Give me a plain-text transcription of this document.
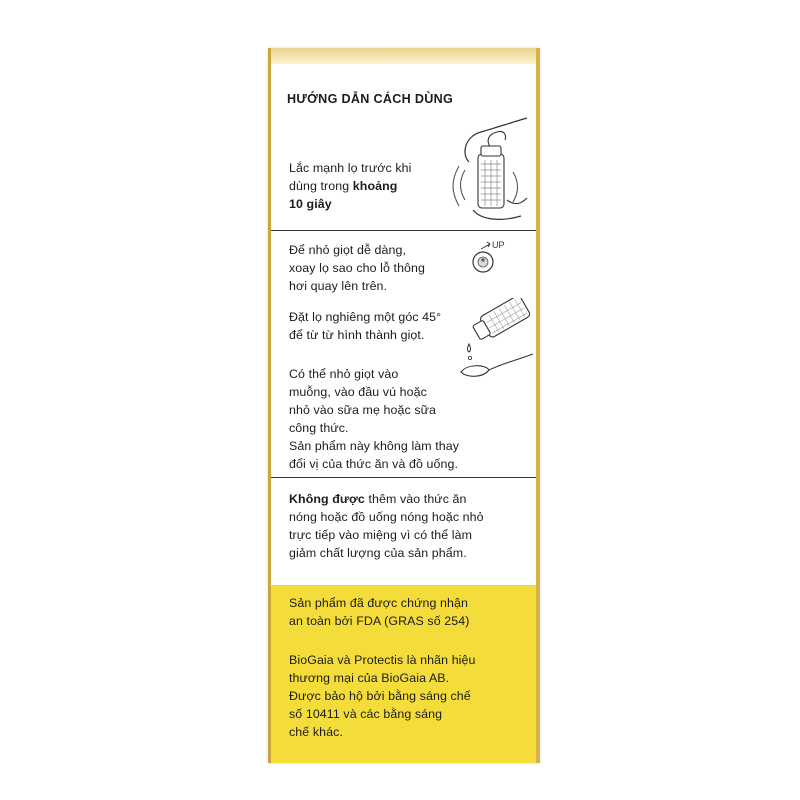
HƯỚNG DẪN CÁCH DÙNG
Lắc mạnh lọ trước khi
dùng trong khoảng
10 giây
Để nhỏ giọt dễ dàng,
xoay lọ sao cho lỗ thông
hơi quay lên trên.
UP
Đặt lọ nghiêng một góc 45°
để từ từ hình thành giọt.
Có thể nhỏ giọt vào
muỗng, vào đầu vú hoặc
nhỏ vào sữa mẹ hoặc sữa
công thức.
Sản phẩm này không làm thay
đổi vị của thức ăn và đồ uống.
Không được thêm vào thức ăn
nóng hoặc đồ uống nóng hoặc nhỏ
trực tiếp vào miệng vì có thể làm
giảm chất lượng của sản phẩm.
Sản phẩm đã được chứng nhận
an toàn bởi FDA (GRAS số 254)
BioGaia và Protectis là nhãn hiệu
thương mại của BioGaia AB.
Được bảo hộ bởi bằng sáng chế
số 10411 và các bằng sáng
chế khác.
